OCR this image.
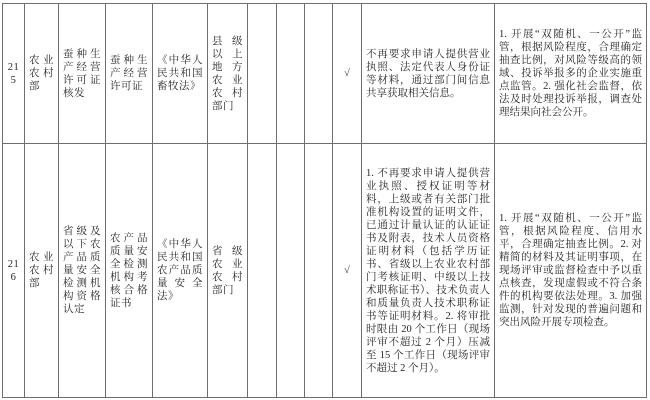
215	农业农村部	蚕种生产经营许可证核发	蚕种生产经营许可证	《中华人民共和国畜牧法》	县级以上地方农业农村部门				√	不再要求申请人提供营业执照、法定代表人身份证等材料，通过部门间信息共享获取相关信息。	1. 开展“双随机、一公开”监管，根据风险程度，合理确定抽查比例，对风险等级高的领域、投诉举报多的企业实施重点监管。2. 强化社会监督，依法及时处理投诉举报，调查处理结果向社会公开。
216	农业农村部	省级及以下农产品质量安全检测机构资格认定	农产品质量安全检测机构考核合格证书	《中华人民共和国农产品质量安全法》	省级农业农村部门				√	1. 不再要求申请人提供营业执照、授权证明等材料，上级或者有关部门批准机构设置的证明文件，已通过计量认证的认证证书及附表，技术人员资格证明材料（包括学历证书、省级以上农业农村部门考核证明、中级以上技术职称证书）、技术负责人和质量负责人技术职称证书等证明材料。2. 将审批时限由 20 个工作日（现场评审不超过 2 个月）压减至 15 个工作日（现场评审不超过 2 个月）。	1. 开展“双随机、一公开”监管，根据风险程度、信用水平，合理确定抽查比例。2. 对精简的材料及其证明事项，在现场评审或监督检查中予以重点核查，发现虚假或不符合条件的机构要依法处理。3. 加强监测，针对发现的普遍问题和突出风险开展专项检查。
